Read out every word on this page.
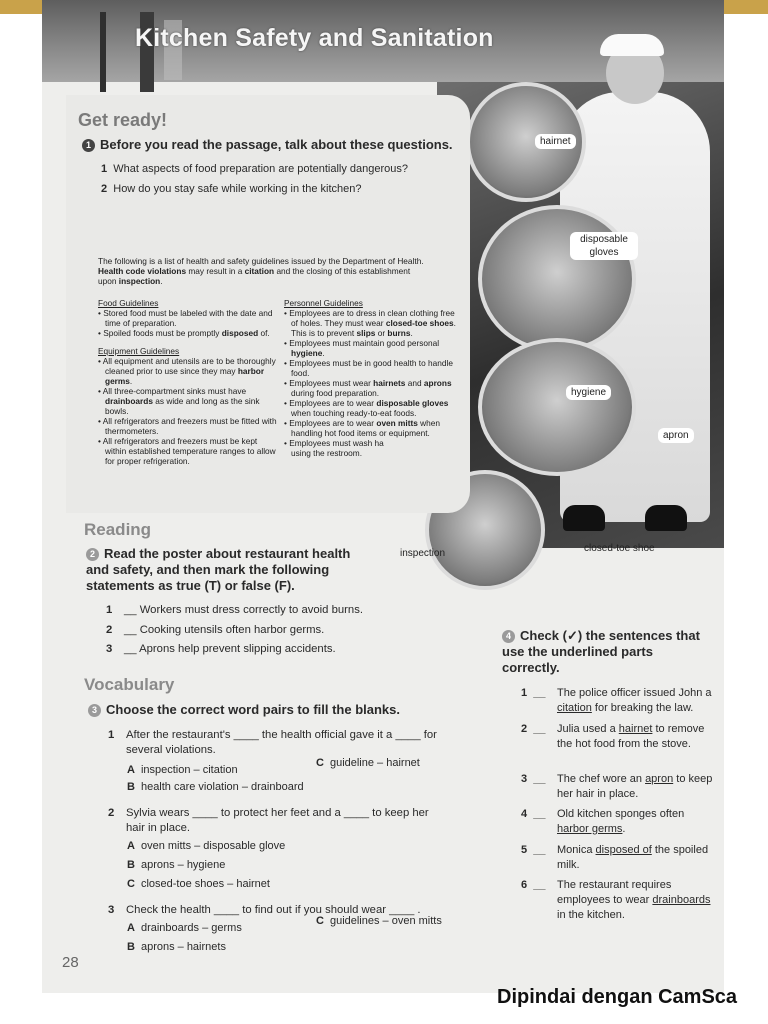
Kitchen Safety and Sanitation
hairnet
disposable gloves
hygiene
apron
inspection	closed-toe shoe
Get ready!
1 Before you read the passage, talk about these questions.
1 What aspects of food preparation are potentially dangerous?
2 How do you stay safe while working in the kitchen?
The following is a list of health and safety guidelines issued by the Department of Health. Health code violations may result in a citation and the closing of this establishment upon inspection.
Food Guidelines
• Stored food must be labeled with the date and time of preparation.
• Spoiled foods must be promptly disposed of.
Equipment Guidelines
• All equipment and utensils are to be thoroughly cleaned prior to use since they may harbor germs.
• All three-compartment sinks must have drainboards as wide and long as the sink bowls.
• All refrigerators and freezers must be fitted with thermometers.
• All refrigerators and freezers must be kept within established temperature ranges to allow for proper refrigeration.
Personnel Guidelines
• Employees are to dress in clean clothing free of holes. They must wear closed-toe shoes. This is to prevent slips or burns.
• Employees must maintain good personal hygiene.
• Employees must be in good health to handle food.
• Employees must wear hairnets and aprons during food preparation.
• Employees are to wear disposable gloves when touching ready-to-eat foods.
• Employees are to wear oven mitts when handling hot food items or equipment.
• Employees must wash ha
using the restroom.
Reading
2 Read the poster about restaurant health and safety, and then mark the following statements as true (T) or false (F).
1 __ Workers must dress correctly to avoid burns.
2 __ Cooking utensils often harbor germs.
3 __ Aprons help prevent slipping accidents.
Vocabulary
3 Choose the correct word pairs to fill the blanks.
1 After the restaurant's ____ the health official gave it a ____ for
several violations.
A inspection – citation
C guideline – hairnet
B health care violation – drainboard
2 Sylvia wears ____ to protect her feet and a ____ to keep her
hair in place.
A oven mitts – disposable glove
B aprons – hygiene
C closed-toe shoes – hairnet
3 Check the health ____ to find out if you should wear ____ .
A drainboards – germs
C guidelines – oven mitts
B aprons – hairnets
4 Check (✓) the sentences that use the underlined parts correctly.
1 __ The police officer issued John a citation for breaking the law.
2 __ Julia used a hairnet to remove the hot food from the stove.
3 __ The chef wore an apron to keep her hair in place.
4 __ Old kitchen sponges often harbor germs.
5 __ Monica disposed of the spoiled milk.
6 __ The restaurant requires employees to wear drainboards in the kitchen.
28
Dipindai dengan CamSca
